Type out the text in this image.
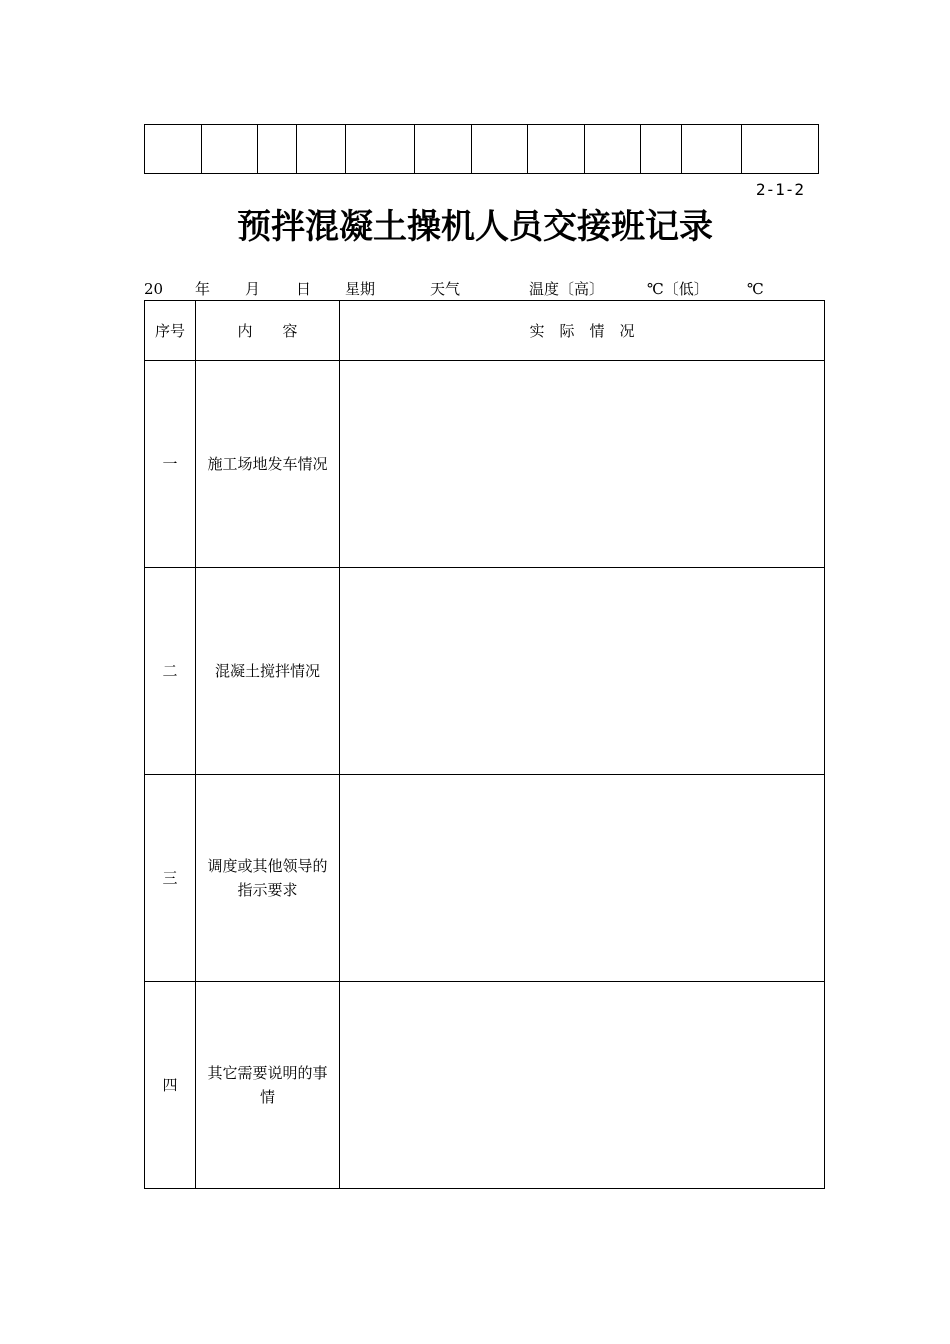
2-1-2
预拌混凝土操机人员交接班记录
20 年 月 日 星期	天气	温度〔高〕	℃〔低〕	℃
序号	内　　容	实　际　情　况
一	施工场地发车情况	
二	混凝土搅拌情况	
三	调度或其他领导的指示要求	
四	其它需要说明的事情	
